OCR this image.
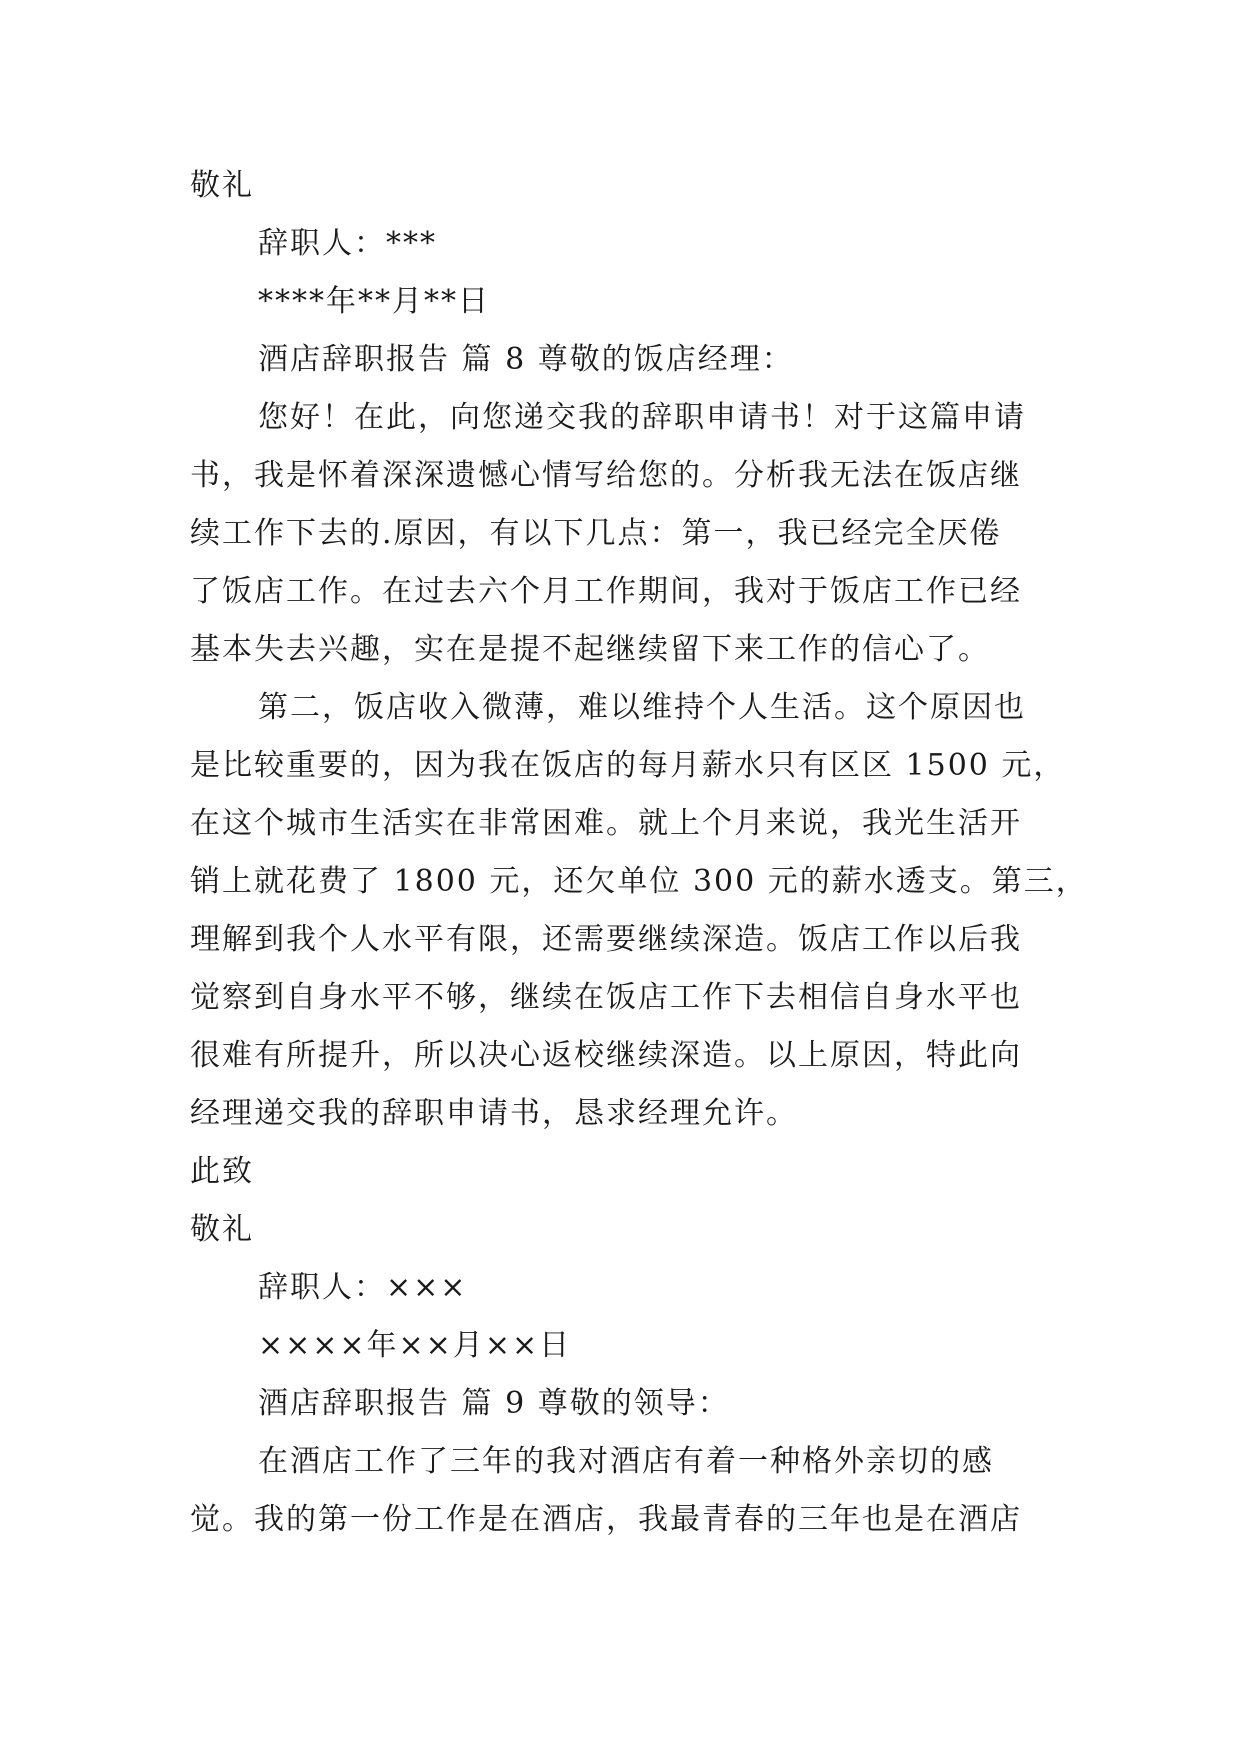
敬礼
辞职人：***
****年**月**日
酒店辞职报告 篇 8 尊敬的饭店经理：
您好！在此，向您递交我的辞职申请书！对于这篇申请
书，我是怀着深深遗憾心情写给您的。分析我无法在饭店继
续工作下去的.原因，有以下几点：第一，我已经完全厌倦
了饭店工作。在过去六个月工作期间，我对于饭店工作已经
基本失去兴趣，实在是提不起继续留下来工作的信心了。
第二，饭店收入微薄，难以维持个人生活。这个原因也
是比较重要的，因为我在饭店的每月薪水只有区区 1500 元，
在这个城市生活实在非常困难。就上个月来说，我光生活开
销上就花费了 1800 元，还欠单位 300 元的薪水透支。第三，
理解到我个人水平有限，还需要继续深造。饭店工作以后我
觉察到自身水平不够，继续在饭店工作下去相信自身水平也
很难有所提升，所以决心返校继续深造。以上原因，特此向
经理递交我的辞职申请书，恳求经理允许。
此致
敬礼
辞职人：×××
××××年××月××日
酒店辞职报告 篇 9 尊敬的领导：
在酒店工作了三年的我对酒店有着一种格外亲切的感
觉。我的第一份工作是在酒店，我最青春的三年也是在酒店
